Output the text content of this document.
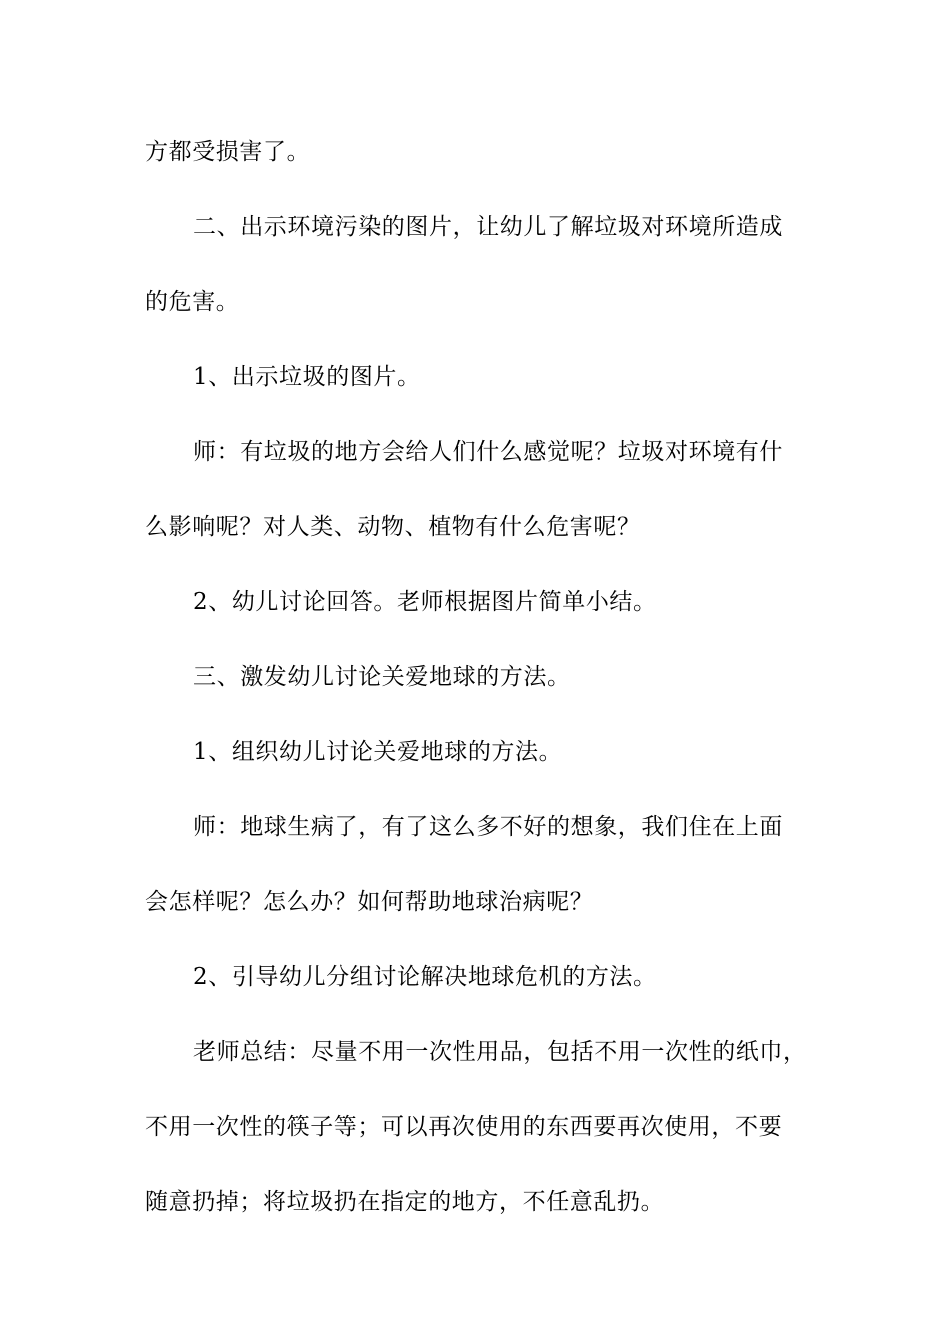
方都受损害了。
二、出示环境污染的图片，让幼儿了解垃圾对环境所造成
的危害。
1、出示垃圾的图片。
师：有垃圾的地方会给人们什么感觉呢？垃圾对环境有什
么影响呢？对人类、动物、植物有什么危害呢？
2、幼儿讨论回答。老师根据图片简单小结。
三、激发幼儿讨论关爱地球的方法。
1、组织幼儿讨论关爱地球的方法。
师：地球生病了，有了这么多不好的想象，我们住在上面
会怎样呢？怎么办？如何帮助地球治病呢？
2、引导幼儿分组讨论解决地球危机的方法。
老师总结：尽量不用一次性用品，包括不用一次性的纸巾，
不用一次性的筷子等；可以再次使用的东西要再次使用，不要
随意扔掉；将垃圾扔在指定的地方，不任意乱扔。
